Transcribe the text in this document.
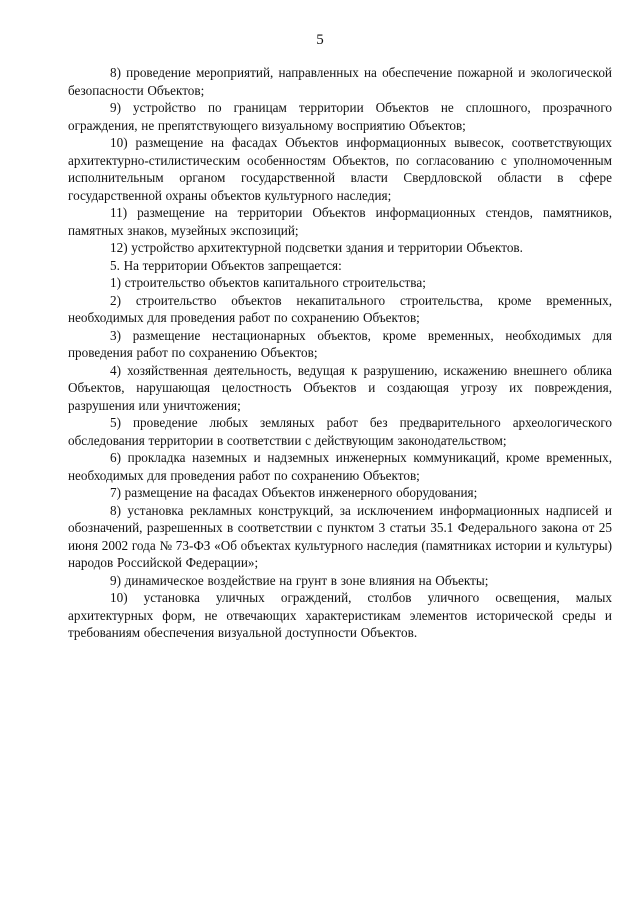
5

8) проведение мероприятий, направленных на обеспечение пожарной и экологической безопасности Объектов;

9) устройство по границам территории Объектов не сплошного, прозрачного ограждения, не препятствующего визуальному восприятию Объектов;

10) размещение на фасадах Объектов информационных вывесок, соответствующих архитектурно-стилистическим особенностям Объектов, по согласованию с уполномоченным исполнительным органом государственной власти Свердловской области в сфере государственной охраны объектов культурного наследия;

11) размещение на территории Объектов информационных стендов, памятников, памятных знаков, музейных экспозиций;

12) устройство архитектурной подсветки здания и территории Объектов.

5. На территории Объектов запрещается:

1) строительство объектов капитального строительства;

2) строительство объектов некапитального строительства, кроме временных, необходимых для проведения работ по сохранению Объектов;

3) размещение нестационарных объектов, кроме временных, необходимых для проведения работ по сохранению Объектов;

4) хозяйственная деятельность, ведущая к разрушению, искажению внешнего облика Объектов, нарушающая целостность Объектов и создающая угрозу их повреждения, разрушения или уничтожения;

5) проведение любых земляных работ без предварительного археологического обследования территории в соответствии с действующим законодательством;

6) прокладка наземных и надземных инженерных коммуникаций, кроме временных, необходимых для проведения работ по сохранению Объектов;

7) размещение на фасадах Объектов инженерного оборудования;

8) установка рекламных конструкций, за исключением информационных надписей и обозначений, разрешенных в соответствии с пунктом 3 статьи 35.1 Федерального закона от 25 июня 2002 года № 73-ФЗ «Об объектах культурного наследия (памятниках истории и культуры) народов Российской Федерации»;

9) динамическое воздействие на грунт в зоне влияния на Объекты;

10) установка уличных ограждений, столбов уличного освещения, малых архитектурных форм, не отвечающих характеристикам элементов исторической среды и требованиям обеспечения визуальной доступности Объектов.
